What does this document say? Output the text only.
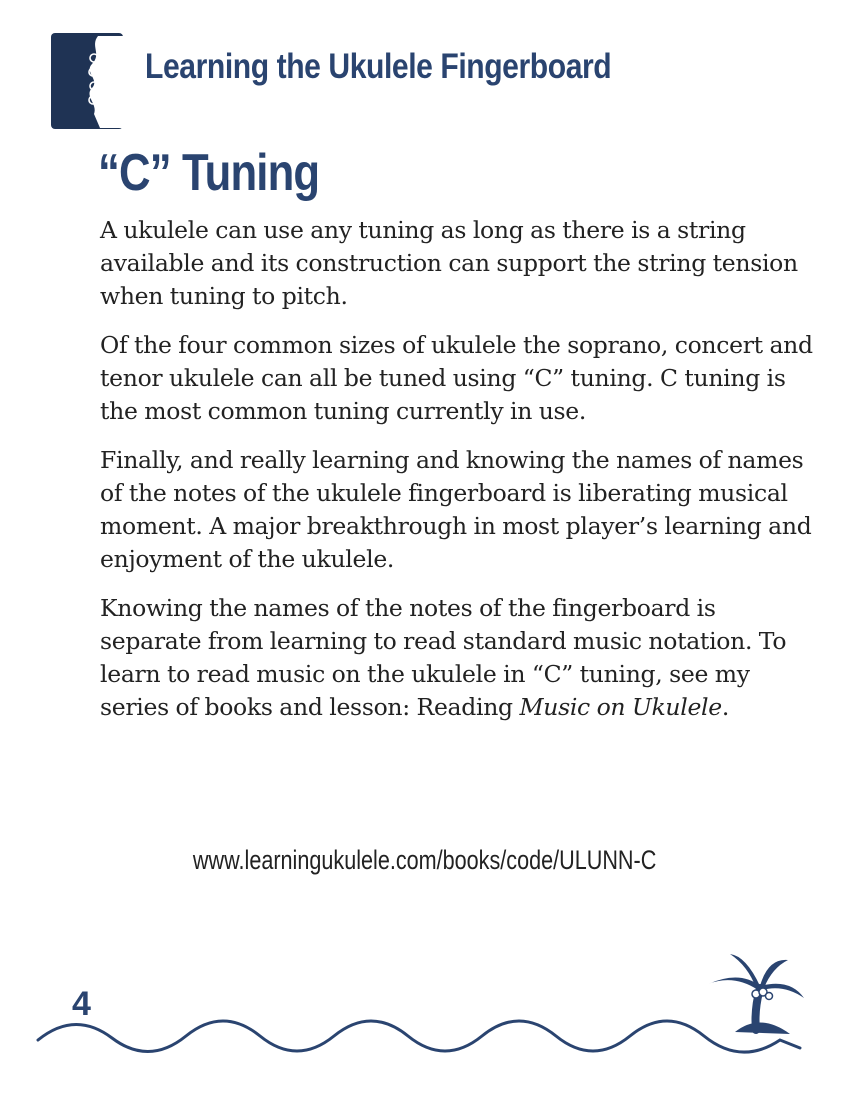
Learning the Ukulele Fingerboard
“C” Tuning

A ukulele can use any tuning as long as there is a string available and its construction can support the string tension when tuning to pitch.

Of the four common sizes of ukulele the soprano, concert and tenor ukulele can all be tuned using “C” tuning. C tuning is the most common tuning currently in use.

Finally, and really learning and knowing the names of names of the notes of the ukulele fingerboard is liberating musical moment. A major breakthrough in most player’s learning and enjoyment of the ukulele.

Knowing the names of the notes of the fingerboard is separate from learning to read standard music notation. To learn to read music on the ukulele in “C” tuning, see my series of books and lesson: Reading Music on Ukulele.

www.learningukulele.com/books/code/ULUNN-C
4
